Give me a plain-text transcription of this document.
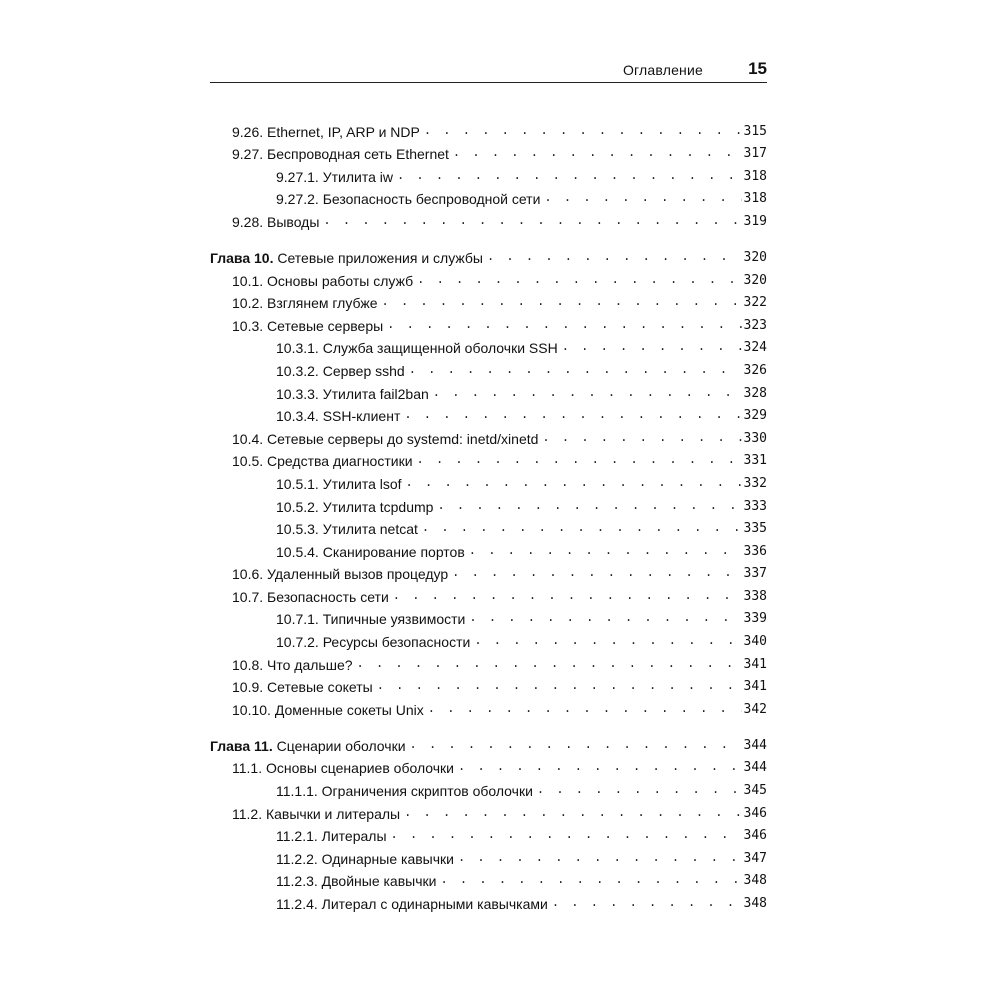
Оглавление	15
9.26. Ethernet, IP, ARP и NDP . . .	315
9.27. Беспроводная сеть Ethernet . . .	317
9.27.1. Утилита iw . . .	318
9.27.2. Безопасность беспроводной сети . . .	318
9.28. Выводы . . .	319
Глава 10. Сетевые приложения и службы . . .	320
10.1. Основы работы служб . . .	320
10.2. Взглянем глубже . . .	322
10.3. Сетевые серверы . . .	323
10.3.1. Служба защищенной оболочки SSH . . .	324
10.3.2. Сервер sshd . . .	326
10.3.3. Утилита fail2ban . . .	328
10.3.4. SSH-клиент . . .	329
10.4. Сетевые серверы до systemd: inetd/xinetd . . .	330
10.5. Средства диагностики . . .	331
10.5.1. Утилита lsof . . .	332
10.5.2. Утилита tcpdump . . .	333
10.5.3. Утилита netcat . . .	335
10.5.4. Сканирование портов . . .	336
10.6. Удаленный вызов процедур . . .	337
10.7. Безопасность сети . . .	338
10.7.1. Типичные уязвимости . . .	339
10.7.2. Ресурсы безопасности . . .	340
10.8. Что дальше? . . .	341
10.9. Сетевые сокеты . . .	341
10.10. Доменные сокеты Unix . . .	342
Глава 11. Сценарии оболочки . . .	344
11.1. Основы сценариев оболочки . . .	344
11.1.1. Ограничения скриптов оболочки . . .	345
11.2. Кавычки и литералы . . .	346
11.2.1. Литералы . . .	346
11.2.2. Одинарные кавычки . . .	347
11.2.3. Двойные кавычки . . .	348
11.2.4. Литерал с одинарными кавычками . . .	348
